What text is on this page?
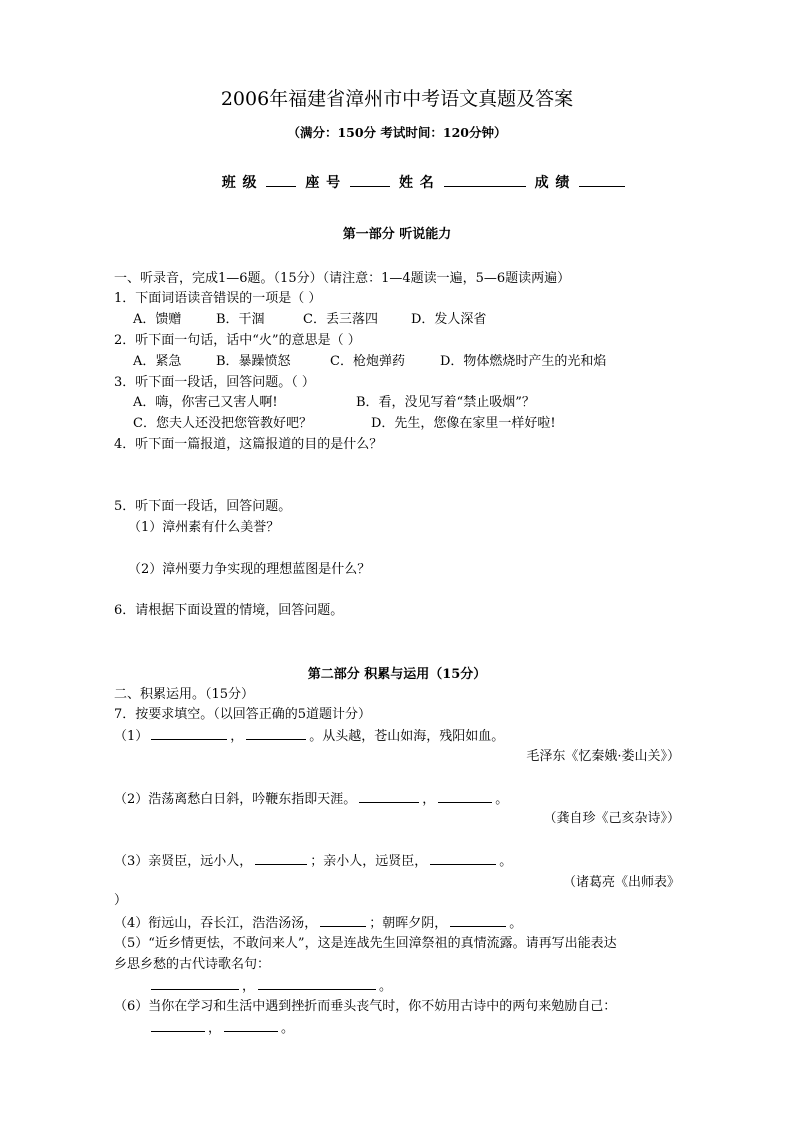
2006年福建省漳州市中考语文真题及答案
（满分：150分 考试时间：120分钟）
班 级	座 号	姓 名	成 绩
第一部分 听说能力
一、听录音，完成1—6题。（15分）（请注意：1—4题读一遍，5—6题读两遍）
1．下面词语读音错误的一项是（ ）
A．馈赠	B．干涸	C．丢三落四	D．发人深省
2．听下面一句话，话中“火”的意思是（ ）
A．紧急	B．暴躁愤怒	C．枪炮弹药	D．物体燃烧时产生的光和焰
3．听下面一段话，回答问题。（ ）
A．嗨，你害己又害人啊!	B．看，没见写着“禁止吸烟”？
C．您夫人还没把您管教好吧？	D．先生，您像在家里一样好啦!
4．听下面一篇报道，这篇报道的目的是什么？
5．听下面一段话，回答问题。
（1）漳州素有什么美誉？
（2）漳州要力争实现的理想蓝图是什么？
6．请根据下面设置的情境，回答问题。
第二部分 积累与运用（15分）
二、积累运用。（15分）
7．按要求填空。（以回答正确的5道题计分）
（1）	，	。从头越，苍山如海，残阳如血。
毛泽东《忆秦娥·娄山关》）
（2）浩荡离愁白日斜，吟鞭东指即天涯。	，	。
（龚自珍《己亥杂诗》）
（3）亲贤臣，远小人，	；亲小人，远贤臣，	。
（诸葛亮《出师表》
）
（4）衔远山，吞长江，浩浩汤汤，	；朝晖夕阴，	。
（5）“近乡情更怯，不敢问来人”，这是连战先生回漳祭祖的真情流露。请再写出能表达
乡思乡愁的古代诗歌名句：
，	。
（6）当你在学习和生活中遇到挫折而垂头丧气时，你不妨用古诗中的两句来勉励自己：
，	。
